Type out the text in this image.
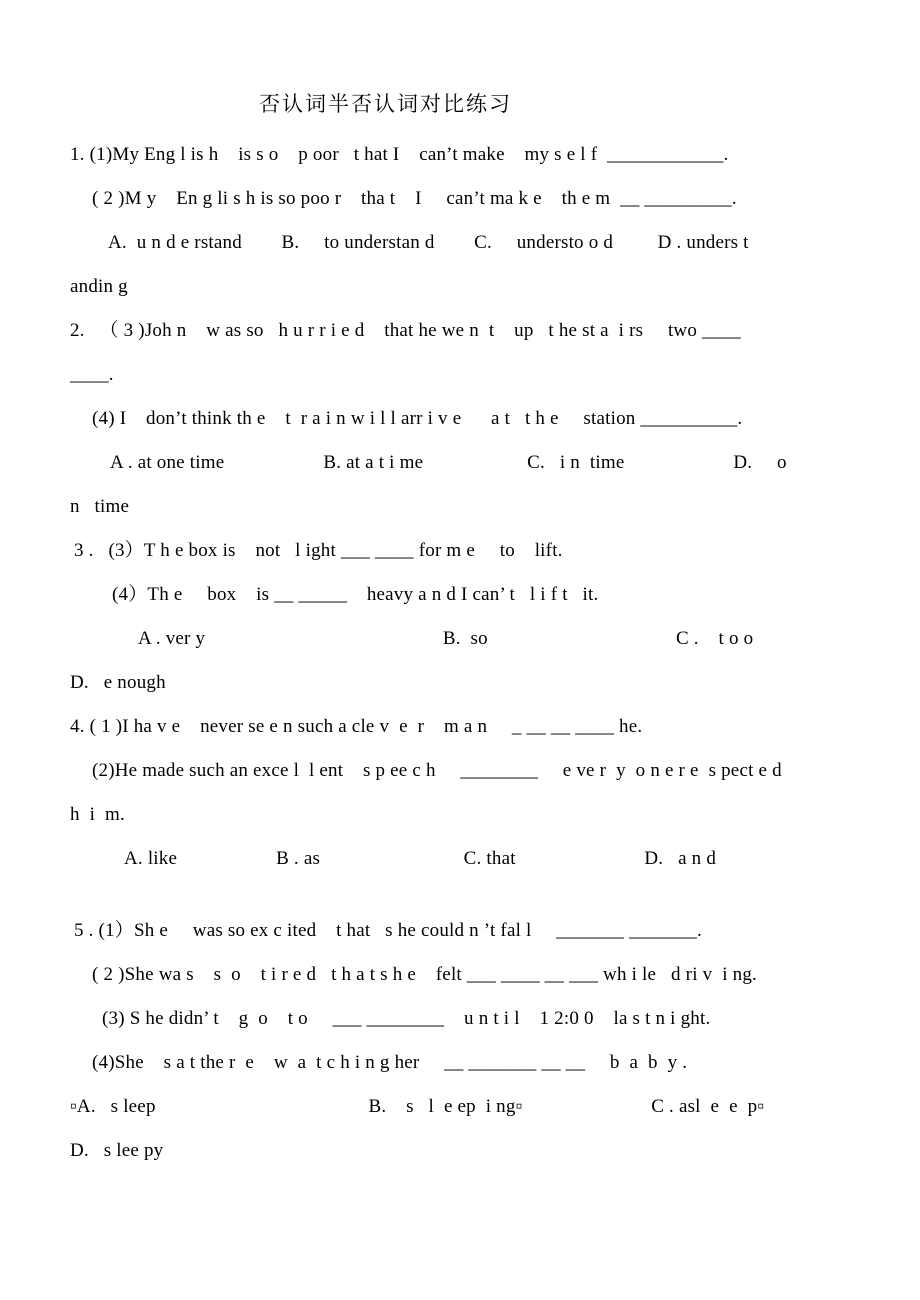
否认词半否认词对比练习
1. (1)My Eng l is h    is s o    p oor   t hat I    can’t make    my s e l f  ____________.
( 2 )M y    En g li s h is so poo r    tha t    I     can’t ma k e    th e m  __ _________.
A.  u n d e rstand        B.     to understan d        C.     understo o d         D . unders t
andin g
2.   （ 3 )Joh n    w as so   h u r r i e d    that he we n  t    up   t he st a  i rs     two ____
____.
(4) I    don’t think th e    t  r a i n w i l l arr i v e      a t   t h e     station __________.
A . at one time                    B. at a t i me                     C.   i n  time                      D.     o
n   time
3 .   (3）T h e box is    not   l ight ___ ____ for m e     to    lift.
(4）Th e     box    is __ _____    heavy a n d I can’ t   l i f t   it.
A . ver y                                                B.  so                                      C .    t o o
D.   e nough
4. ( 1 )I ha v e    never se e n such a cle v  e  r    m a n     _ __ __ ____ he.
(2)He made such an exce l  l ent    s p ee c h     ________     e ve r  y  o n e r e  s pect e d
h  i  m.
A. like                    B . as                             C. that                          D.   a n d
5 . (1）Sh e     was so ex c ited    t hat   s he could n ’t fal l     _______ _______.
( 2 )She wa s    s  o    t i r e d   t h a t s h e    felt ___ ____ __ ___ wh i le   d ri v  i ng.
(3) S he didn’ t    g  o    t o     ___ ________    u n t i l    1 2:0 0    la s t n i ght.
(4)She    s a t the r  e    w  a  t c h i n g her     __ _______ __ __     b  a  b  y .
▫A.   s leep                                           B.    s   l  e ep  i ng▫                          C . asl  e  e  p▫
D.   s lee py
